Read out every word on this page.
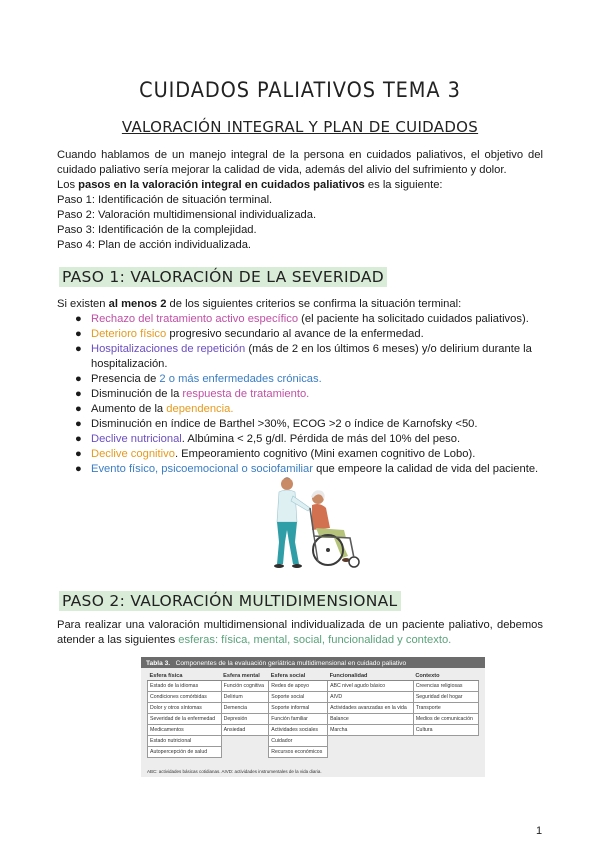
CUIDADOS PALIATIVOS TEMA 3
VALORACIÓN INTEGRAL Y PLAN DE CUIDADOS

Cuando hablamos de un manejo integral de la persona en cuidados paliativos, el objetivo del cuidado paliativo sería mejorar la calidad de vida, además del alivio del sufrimiento y dolor.

Los pasos en la valoración integral en cuidados paliativos es la siguiente:

Paso 1: Identificación de situación terminal.

Paso 2: Valoración multidimensional individualizada.

Paso 3: Identificación de la complejidad.

Paso 4: Plan de acción individualizada.

PASO 1: VALORACIÓN DE LA SEVERIDAD
Si existen al menos 2 de los siguientes criterios se confirma la situación terminal:
● Rechazo del tratamiento activo específico (el paciente ha solicitado cuidados paliativos).
● Deterioro físico progresivo secundario al avance de la enfermedad.
● Hospitalizaciones de repetición (más de 2 en los últimos 6 meses) y/o delirium durante la hospitalización.
● Presencia de 2 o más enfermedades crónicas.
● Disminución de la respuesta de tratamiento.
● Aumento de la dependencia.
● Disminución en índice de Barthel >30%, ECOG >2 o índice de Karnofsky <50.
● Declive nutricional. Albúmina < 2,5 g/dl. Pérdida de más del 10% del peso.
● Declive cognitivo. Empeoramiento cognitivo (Mini examen cognitivo de Lobo).
● Evento físico, psicoemocional o sociofamiliar que empeore la calidad de vida del paciente.
PASO 2: VALORACIÓN MULTIDIMENSIONAL
Para realizar una valoración multidimensional individualizada de un paciente paliativo, debemos atender a las siguientes esferas: física, mental, social, funcionalidad y contexto.
Tabla 3. Componentes de la evaluación geriátrica multidimensional en cuidado paliativo
Esfera física	Esfera mental	Esfera social	Funcionalidad	Contexto
Estado de la idiomas	Función cognitiva	Redes de apoyo	ABC nivel agudo básico	Creencias religiosas
Condiciones comórbidas	Delirium	Soporte social	AIVD	Seguridad del hogar
Dolor y otros síntomas	Demencia	Soporte informal	Actividades avanzadas en la vida	Transporte
Severidad de la enfermedad	Depresión	Función familiar	Balance	Medios de comunicación
Medicamentos	Ansiedad	Actividades sociales	Marcha	Cultura
Estado nutricional		Cuidador		
Autopercepción de salud		Recursos económicos		
ABC: actividades básicas cotidianas. AIVD: actividades instrumentales de la vida diaria.
1
